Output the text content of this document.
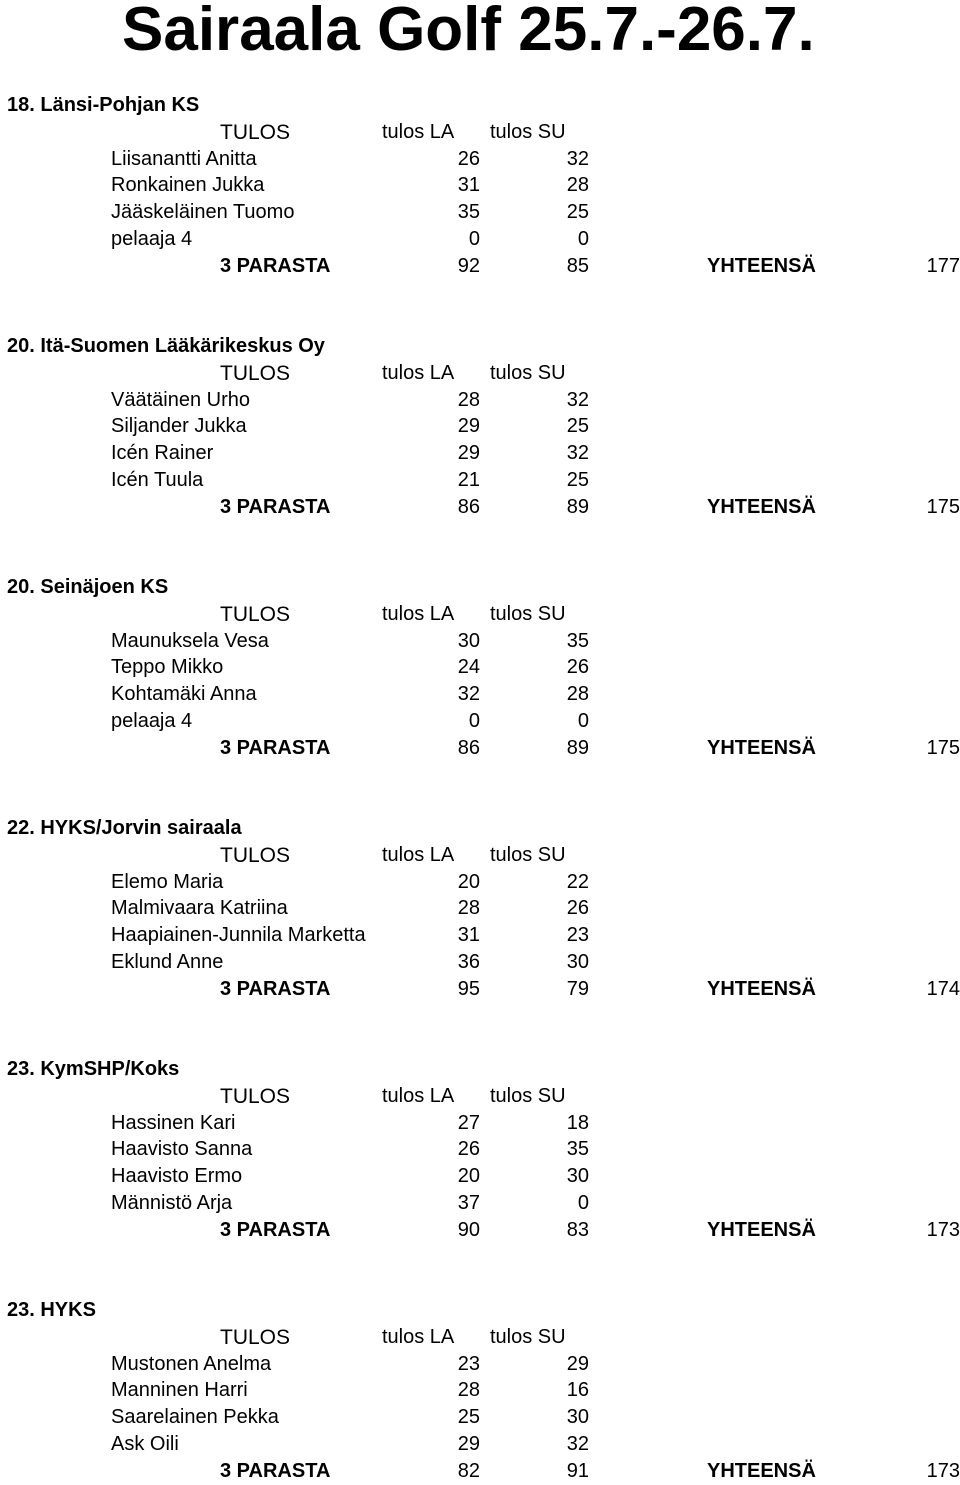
Sairaala Golf 25.7.-26.7.
18. Länsi-Pohjan KS
TULOS	tulos LA tulos SU
Liisanantti Anitta	26	32
Ronkainen Jukka	31	28
Jääskeläinen Tuomo	35	25
pelaaja 4	0	0
3 PARASTA	92	85	YHTEENSÄ	177
20. Itä-Suomen Lääkärikeskus Oy
TULOS	tulos LA tulos SU
Väätäinen Urho	28	32
Siljander Jukka	29	25
Icén Rainer	29	32
Icén Tuula	21	25
3 PARASTA	86	89	YHTEENSÄ	175
20. Seinäjoen KS
TULOS	tulos LA tulos SU
Maunuksela Vesa	30	35
Teppo Mikko	24	26
Kohtamäki Anna	32	28
pelaaja 4	0	0
3 PARASTA	86	89	YHTEENSÄ	175
22. HYKS/Jorvin sairaala
TULOS	tulos LA tulos SU
Elemo Maria	20	22
Malmivaara Katriina	28	26
Haapiainen-Junnila Marketta	31	23
Eklund Anne	36	30
3 PARASTA	95	79	YHTEENSÄ	174
23. KymSHP/Koks
TULOS	tulos LA tulos SU
Hassinen Kari	27	18
Haavisto Sanna	26	35
Haavisto Ermo	20	30
Männistö Arja	37	0
3 PARASTA	90	83	YHTEENSÄ	173
23. HYKS
TULOS	tulos LA tulos SU
Mustonen Anelma	23	29
Manninen Harri	28	16
Saarelainen Pekka	25	30
Ask Oili	29	32
3 PARASTA	82	91	YHTEENSÄ	173
